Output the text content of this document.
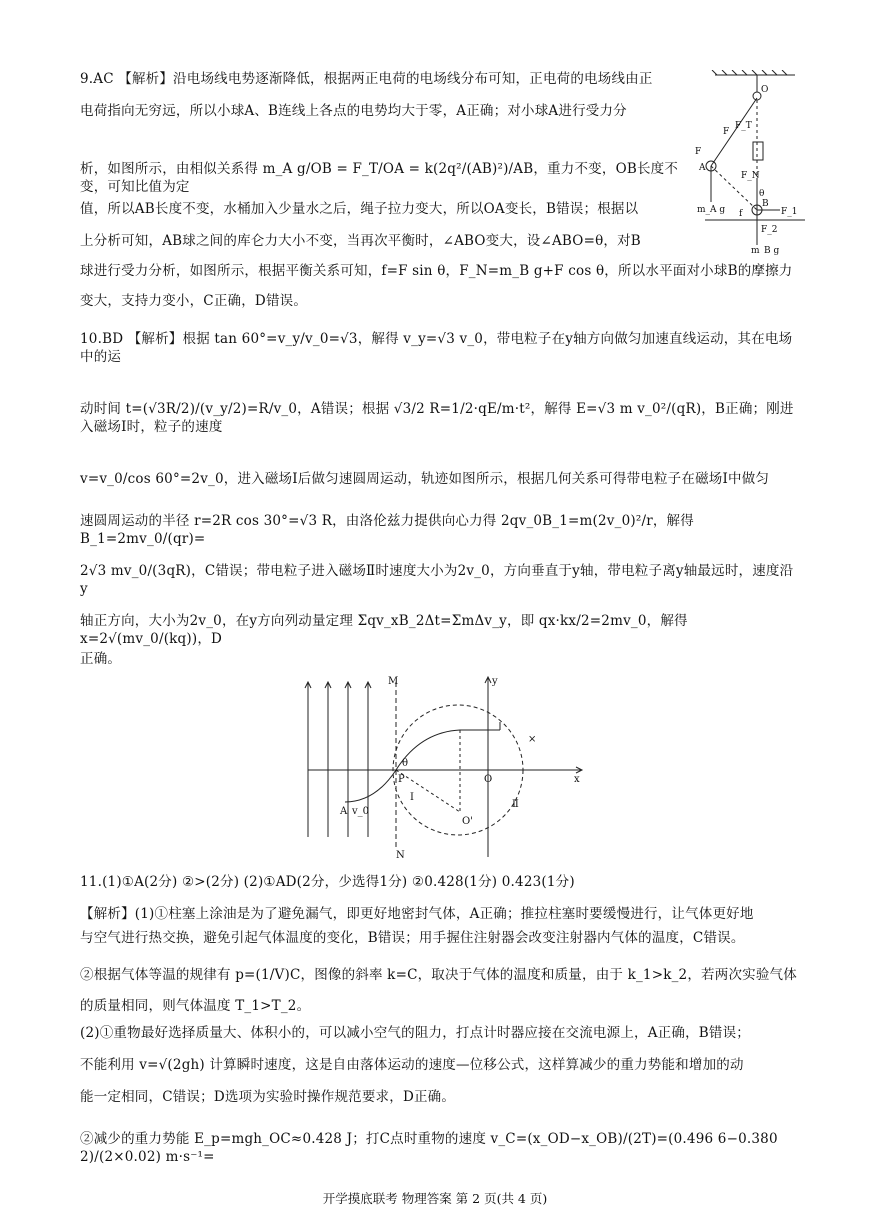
9.AC 【解析】沿电场线电势逐渐降低，根据两正电荷的电场线分布可知，正电荷的电场线由正
电荷指向无穷远，所以小球A、B连线上各点的电势均大于零，A正确；对小球A进行受力分
析，如图所示，由相似关系得 m_A g/OB = F_T/OA = k(2q²/(AB)²)/AB，重力不变，OB长度不变，可知比值为定
值，所以AB长度不变，水桶加入少量水之后，绳子拉力变大，所以OA变长，B错误；根据以
上分析可知，AB球之间的库仑力大小不变，当再次平衡时，∠ABO变大，设∠ABO=θ，对B
球进行受力分析，如图所示，根据平衡关系可知，f=F sin θ，F_N=m_B g+F cos θ，所以水平面对小球B的摩擦力
变大，支持力变小，C正确，D错误。
O
F
A
F_T
F_N
B
f
F
m_A g
m_B g
θ
F_1
F_2
10.BD 【解析】根据 tan 60°=v_y/v_0=√3，解得 v_y=√3 v_0，带电粒子在y轴方向做匀加速直线运动，其在电场中的运
动时间 t=(√3R/2)/(v_y/2)=R/v_0，A错误；根据 √3/2 R=1/2·qE/m·t²，解得 E=√3 m v_0²/(qR)，B正确；刚进入磁场Ⅰ时，粒子的速度
v=v_0/cos 60°=2v_0，进入磁场Ⅰ后做匀速圆周运动，轨迹如图所示，根据几何关系可得带电粒子在磁场Ⅰ中做匀
速圆周运动的半径 r=2R cos 30°=√3 R，由洛伦兹力提供向心力得 2qv_0B_1=m(2v_0)²/r，解得 B_1=2mv_0/(qr)=
2√3 mv_0/(3qR)，C错误；带电粒子进入磁场Ⅱ时速度大小为2v_0，方向垂直于y轴，带电粒子离y轴最远时，速度沿y
轴正方向，大小为2v_0，在y方向列动量定理 Σqv_xB_2Δt=ΣmΔv_y，即 qx·kx/2=2mv_0，解得 x=2√(mv_0/(kq))，D
正确。
M	y
θ
P	O	x
×
Ⅰ
Ⅱ
O'
A v_0
N
11.(1)①A(2分) ②>(2分) (2)①AD(2分，少选得1分) ②0.428(1分) 0.423(1分)
【解析】(1)①柱塞上涂油是为了避免漏气，即更好地密封气体，A正确；推拉柱塞时要缓慢进行，让气体更好地
与空气进行热交换，避免引起气体温度的变化，B错误；用手握住注射器会改变注射器内气体的温度，C错误。
②根据气体等温的规律有 p=(1/V)C，图像的斜率 k=C，取决于气体的温度和质量，由于 k_1>k_2，若两次实验气体
的质量相同，则气体温度 T_1>T_2。
(2)①重物最好选择质量大、体积小的，可以减小空气的阻力，打点计时器应接在交流电源上，A正确，B错误；
不能利用 v=√(2gh) 计算瞬时速度，这是自由落体运动的速度—位移公式，这样算减少的重力势能和增加的动
能一定相同，C错误；D选项为实验时操作规范要求，D正确。
②减少的重力势能 E_p=mgh_OC≈0.428 J；打C点时重物的速度 v_C=(x_OD−x_OB)/(2T)=(0.496 6−0.380 2)/(2×0.02) m·s⁻¹=
开学摸底联考 物理答案 第 2 页(共 4 页)
